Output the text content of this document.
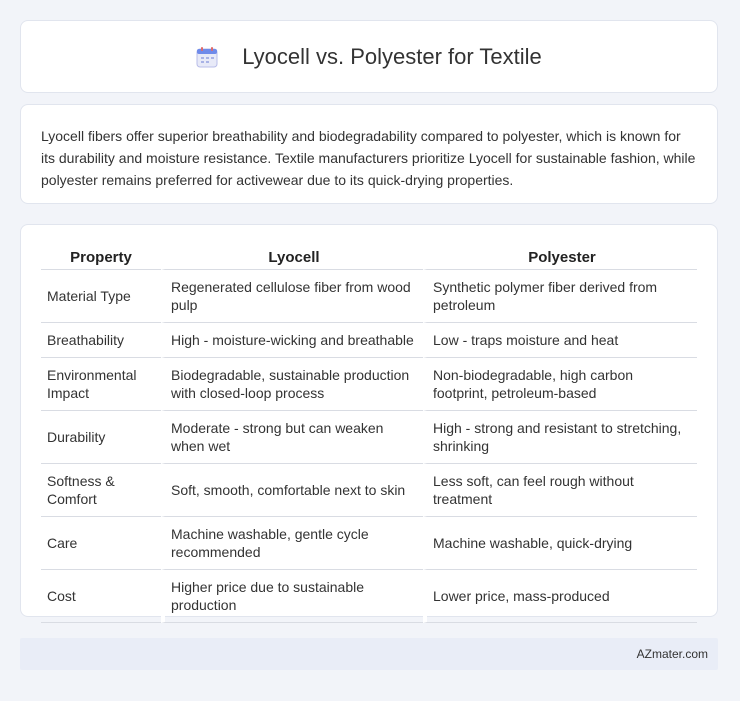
Lyocell vs. Polyester for Textile

Lyocell fibers offer superior breathability and biodegradability compared to polyester, which is known for its durability and moisture resistance. Textile manufacturers prioritize Lyocell for sustainable fashion, while polyester remains preferred for activewear due to its quick-drying properties.

Property	Lyocell	Polyester
Material Type	Regenerated cellulose fiber from wood pulp	Synthetic polymer fiber derived from petroleum
Breathability	High - moisture-wicking and breathable	Low - traps moisture and heat
Environmental Impact	Biodegradable, sustainable production with closed-loop process	Non-biodegradable, high carbon footprint, petroleum-based
Durability	Moderate - strong but can weaken when wet	High - strong and resistant to stretching, shrinking
Softness & Comfort	Soft, smooth, comfortable next to skin	Less soft, can feel rough without treatment
Care	Machine washable, gentle cycle recommended	Machine washable, quick-drying
Cost	Higher price due to sustainable production	Lower price, mass-produced
AZmater.com
